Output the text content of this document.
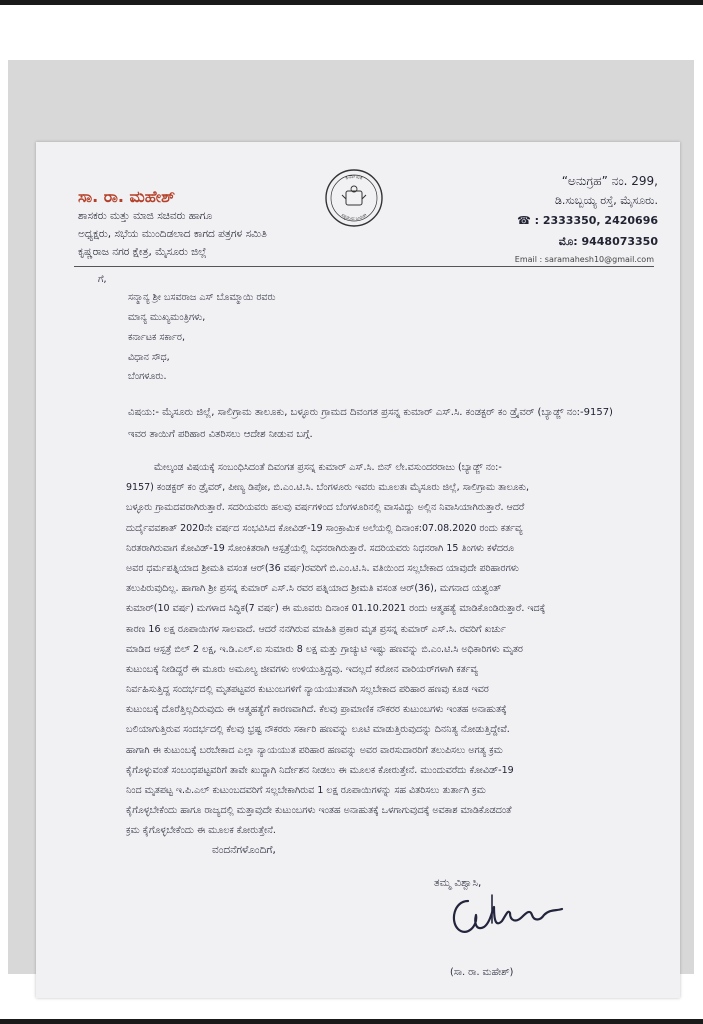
ಸಾ. ರಾ. ಮಹೇಶ್
ಶಾಸಕರು ಮತ್ತು ಮಾಜಿ ಸಚಿವರು ಹಾಗೂ
ಅಧ್ಯಕ್ಷರು, ಸಭೆಯ ಮುಂದಿಡಲಾದ ಕಾಗದ ಪತ್ರಗಳ ಸಮಿತಿ
ಕೃಷ್ಣರಾಜ ನಗರ ಕ್ಷೇತ್ರ, ಮೈಸೂರು ಜಿಲ್ಲೆ
ಕರ್ನಾಟಕ
ಸತ್ಯಮೇವ ಜಯತೇ
“ಅನುಗ್ರಹ” ನಂ. 299,
ಡಿ.ಸುಬ್ಬಯ್ಯ ರಸ್ತೆ, ಮೈಸೂರು.
☎ : 2333350, 2420696
ಮೊ: 9448073350
Email : saramahesh10@gmail.com
ಗೆ,
ಸನ್ಮಾನ್ಯ ಶ್ರೀ ಬಸವರಾಜ ಎಸ್ ಬೊಮ್ಮಾಯಿ ರವರು
ಮಾನ್ಯ ಮುಖ್ಯಮಂತ್ರಿಗಳು,
ಕರ್ನಾಟಕ ಸರ್ಕಾರ,
ವಿಧಾನ ಸೌಧ,
ಬೆಂಗಳೂರು.
ವಿಷಯ:- ಮೈಸೂರು ಜಿಲ್ಲೆ, ಸಾಲಿಗ್ರಾಮ ತಾಲೂಕು, ಬಳ್ಳೂರು ಗ್ರಾಮದ ದಿವಂಗತ ಪ್ರಸನ್ನ ಕುಮಾರ್ ಎಸ್.ಸಿ. ಕಂಡಕ್ಟರ್ ಕಂ ಡ್ರೈವರ್ (ಬ್ಯಾಡ್ಜ್ ನಂ:-9157) ಇವರ ತಾಯಿಗೆ ಪರಿಹಾರ ವಿತರಿಸಲು ಆದೇಶ ನೀಡುವ ಬಗ್ಗೆ.
ಮೇಲ್ಕಂಡ ವಿಷಯಕ್ಕೆ ಸಂಬಂಧಿಸಿದಂತೆ ದಿವಂಗತ ಪ್ರಸನ್ನ ಕುಮಾರ್ ಎಸ್.ಸಿ. ಬಿನ್ ಲೇ.ವಸುಂದರರಾಜು (ಬ್ಯಾಡ್ಜ್ ನಂ:-
9157) ಕಂಡಕ್ಟರ್ ಕಂ ಡ್ರೈವರ್, ಪೀಣ್ಯ ಡಿಪೋ, ಬಿ.ಎಂ.ಟಿ.ಸಿ. ಬೆಂಗಳೂರು ಇವರು ಮೂಲತಃ ಮೈಸೂರು ಜಿಲ್ಲೆ, ಸಾಲಿಗ್ರಾಮ ತಾಲೂಕು,
ಬಳ್ಳೂರು ಗ್ರಾಮದವರಾಗಿರುತ್ತಾರೆ. ಸದರಿಯವರು ಹಲವು ವರ್ಷಗಳಿಂದ ಬೆಂಗಳೂರಿನಲ್ಲಿ ವಾಸವಿದ್ದು ಅಲ್ಲಿನ ನಿವಾಸಿಯಾಗಿರುತ್ತಾರೆ. ಆದರೆ
ದುರ್ದೈವವಶಾತ್ 2020ನೇ ವರ್ಷದ ಸಂಭವಿಸಿದ ಕೋವಿಡ್-19 ಸಾಂಕ್ರಾಮಿಕ ಅಲೆಯಲ್ಲಿ ದಿನಾಂಕ:07.08.2020 ರಂದು ಕರ್ತವ್ಯ
ನಿರತರಾಗಿರುವಾಗ ಕೋವಿಡ್-19 ಸೋಂಕಿತರಾಗಿ ಆಸ್ಪತ್ರೆಯಲ್ಲಿ ನಿಧನರಾಗಿರುತ್ತಾರೆ. ಸದರಿಯವರು ನಿಧನರಾಗಿ 15 ತಿಂಗಳು ಕಳೆದರೂ
ಅವರ ಧರ್ಮಪತ್ನಿಯಾದ ಶ್ರೀಮತಿ ವಸಂತ ಆರ್(36 ವರ್ಷ)ರವರಿಗೆ ಬಿ.ಎಂ.ಟಿ.ಸಿ. ವತಿಯಿಂದ ಸಲ್ಲಬೇಕಾದ ಯಾವುದೇ ಪರಿಹಾರಗಳು
ತಲುಪಿರುವುದಿಲ್ಲ. ಹಾಗಾಗಿ ಶ್ರೀ ಪ್ರಸನ್ನ ಕುಮಾರ್ ಎಸ್.ಸಿ ರವರ ಪತ್ನಿಯಾದ ಶ್ರೀಮತಿ ವಸಂತ ಆರ್(36), ಮಗನಾದ ಯಶ್ವಂತ್
ಕುಮಾರ್(10 ವರ್ಷ) ಮಗಳಾದ ಸಿದ್ಧಿಕ(7 ವರ್ಷ) ಈ ಮೂವರು ದಿನಾಂಕ 01.10.2021 ರಂದು ಆತ್ಮಹತ್ಯೆ ಮಾಡಿಕೊಂಡಿರುತ್ತಾರೆ. ಇದಕ್ಕೆ
ಕಾರಣ 16 ಲಕ್ಷ ರೂಪಾಯಿಗಳ ಸಾಲವಾದೆ. ಆದರೆ ನನಗಿರುವ ಮಾಹಿತಿ ಪ್ರಕಾರ ಮೃತ ಪ್ರಸನ್ನ ಕುಮಾರ್ ಎಸ್.ಸಿ. ರವರಿಗೆ ಖರ್ಚು
ಮಾಡಿದ ಆಸ್ಪತ್ರೆ ಬಿಲ್ 2 ಲಕ್ಷ, ಇ.ಡಿ.ಎಲ್.ಐ ಸುಮಾರು 8 ಲಕ್ಷ ಮತ್ತು ಗ್ರಾಚ್ಯುಟಿ ಇಷ್ಟು ಹಣವನ್ನು ಬಿ.ಎಂ.ಟಿ.ಸಿ ಅಧಿಕಾರಿಗಳು ಮೃತರ
ಕುಟುಂಬಕ್ಕೆ ನೀಡಿದ್ದರೆ ಈ ಮೂರು ಅಮೂಲ್ಯ ಜೀವಗಳು ಉಳಿಯುತ್ತಿದ್ದವು. ಇದಲ್ಲದೆ ಕರೋನ ವಾರಿಯರ್‌ಗಳಾಗಿ ಕರ್ತವ್ಯ
ನಿರ್ವಹಿಸುತ್ತಿದ್ದ ಸಂದರ್ಭದಲ್ಲಿ ಮೃತಪಟ್ಟವರ ಕುಟುಂಬಗಳಿಗೆ ನ್ಯಾಯಯುತವಾಗಿ ಸಲ್ಲಬೇಕಾದ ಪರಿಹಾರ ಹಣವು ಕೂಡ ಇವರ
ಕುಟುಂಬಕ್ಕೆ ದೊರೆತ್ತಿಲ್ಲದಿರುವುದು ಈ ಆತ್ಮಹತ್ಯೆಗೆ ಕಾರಣವಾಗಿದೆ. ಕೆಲವು ಪ್ರಾಮಾಣಿಕ ನೌಕರರ ಕುಟುಂಬಗಳು ಇಂತಹ ಅನಾಹುತಕ್ಕೆ
ಬಲಿಯಾಗುತ್ತಿರುವ ಸಂದರ್ಭದಲ್ಲಿ ಕೆಲವು ಭ್ರಷ್ಟ ನೌಕರರು ಸರ್ಕಾರಿ ಹಣವನ್ನು ಲೂಟಿ ಮಾಡುತ್ತಿರುವುದನ್ನು ದಿನನಿತ್ಯ ನೋಡುತ್ತಿದ್ದೇವೆ.
ಹಾಗಾಗಿ ಈ ಕುಟುಂಬಕ್ಕೆ ಬರಬೇಕಾದ ಎಲ್ಲಾ ನ್ಯಾಯಯುತ ಪರಿಹಾರ ಹಣವನ್ನು ಅವರ ವಾರಸುದಾರರಿಗೆ ತಲುಪಿಸಲು ಅಗತ್ಯ ಕ್ರಮ
ಕೈಗೊಳ್ಳುವಂತೆ ಸಂಬಂಧಪಟ್ಟವರಿಗೆ ತಾವೇ ಖುದ್ದಾಗಿ ನಿರ್ದೇಶನ ನೀಡಲು ಈ ಮೂಲಕ ಕೋರುತ್ತೇನೆ. ಮುಂದುವರೆದು ಕೋವಿಡ್-19
ನಿಂದ ಮೃತಪಟ್ಟ ಇ.ಪಿ.ಎಲ್ ಕುಟುಂಬದವರಿಗೆ ಸಲ್ಲಬೇಕಾಗಿರುವ 1 ಲಕ್ಷ ರೂಪಾಯಿಗಳನ್ನು ಸಹ ವಿತರಿಸಲು ತುರ್ತಾಗಿ ಕ್ರಮ
ಕೈಗೊಳ್ಳಬೇಕೆಂದು ಹಾಗೂ ರಾಜ್ಯದಲ್ಲಿ ಮತ್ತಾವುದೇ ಕುಟುಂಬಗಳು ಇಂತಹ ಅನಾಹುತಕ್ಕೆ ಒಳಗಾಗುವುದಕ್ಕೆ ಅವಕಾಶ ಮಾಡಿಕೊಡದಂತೆ
ಕ್ರಮ ಕೈಗೊಳ್ಳಬೇಕೆಂದು ಈ ಮೂಲಕ ಕೋರುತ್ತೇನೆ.
ವಂದನೆಗಳೊಂದಿಗೆ,
ತಮ್ಮ ವಿಶ್ವಾಸಿ,
(ಸಾ. ರಾ. ಮಹೇಶ್)
